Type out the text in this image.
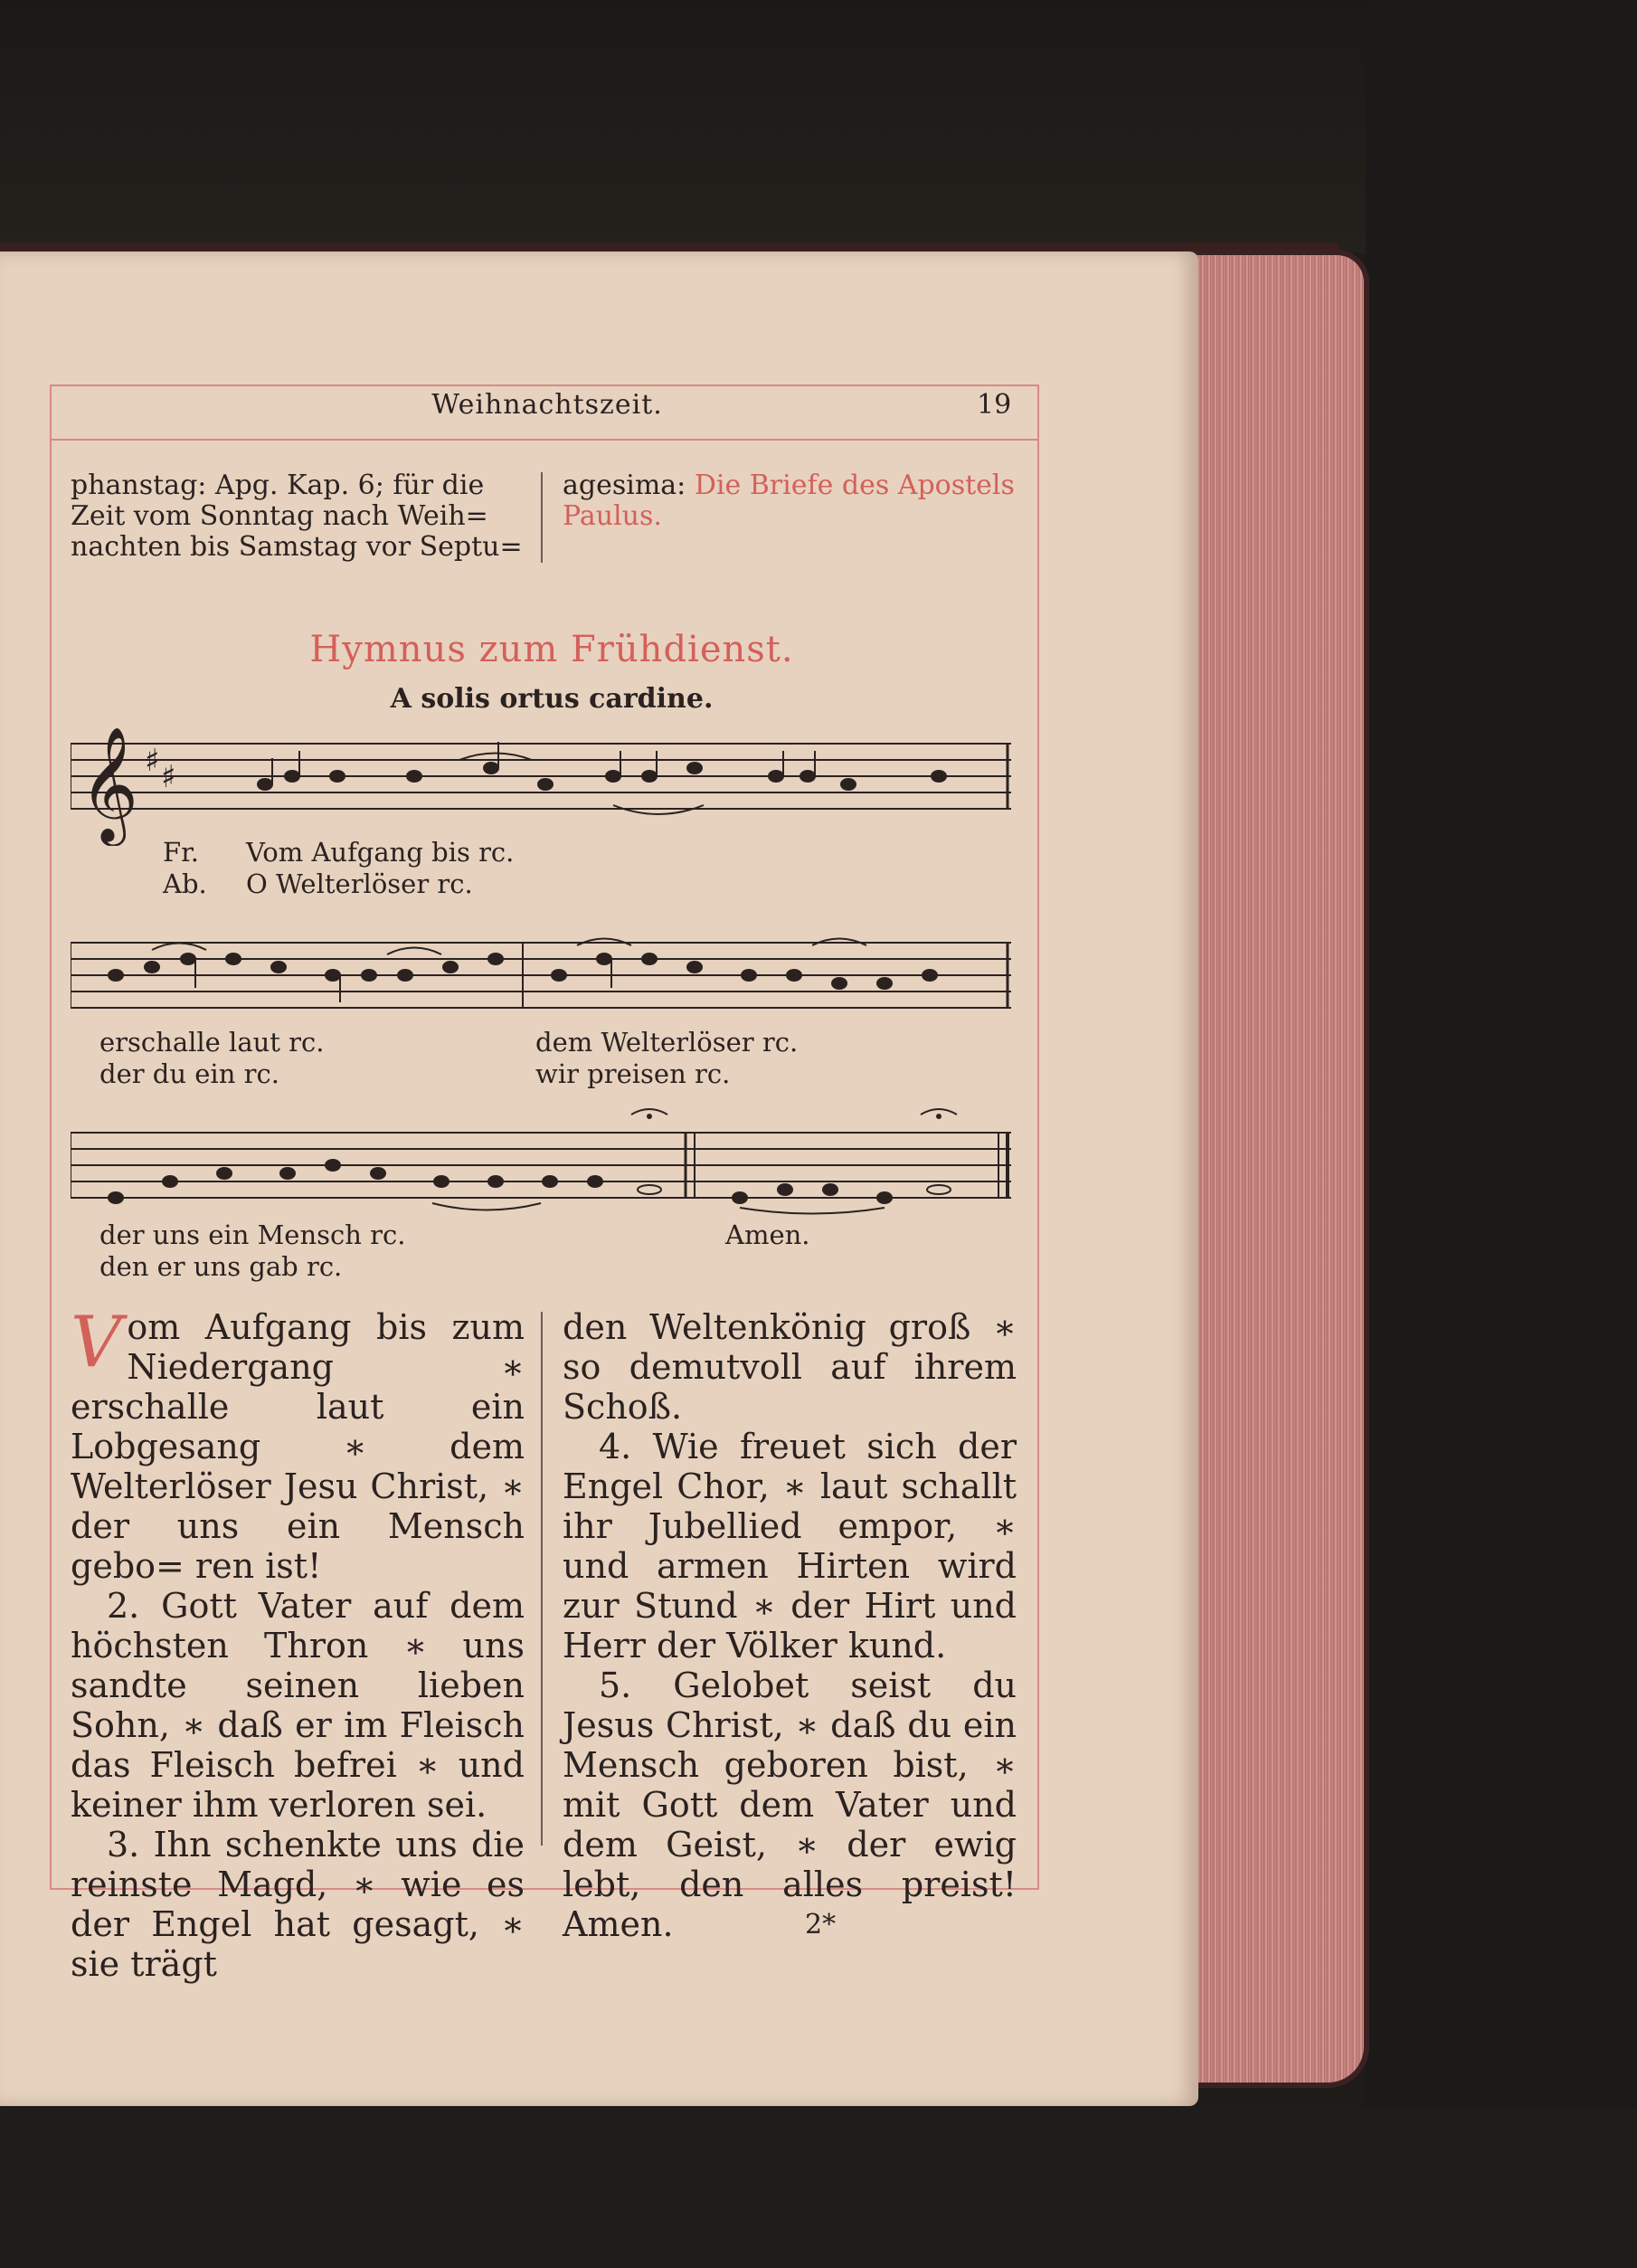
Weihnachtszeit.	19
phanstag: Apg. Kap. 6; für die
Zeit vom Sonntag nach Weih=
nachten bis Samstag vor Septu=
agesima: Die Briefe des Apostels
Paulus.
Hymnus zum Frühdienst.
A solis ortus cardine.
𝄞 ♯ ♯
Fr.
Ab.
Vom Aufgang bis rc.
O Welterlöser rc.
erschalle laut rc.
der du ein rc.
dem Welterlöser rc.
wir preisen rc.
der uns ein Mensch rc.
den er uns gab rc.
Amen.

Vom Aufgang bis zum Niedergang ∗ erschalle laut ein Lobgesang ∗ dem Welterlöser Jesu Christ, ∗ der uns ein Mensch gebo= ren ist!

2. Gott Vater auf dem höchsten Thron ∗ uns sandte seinen lieben Sohn, ∗ daß er im Fleisch das Fleisch befrei ∗ und keiner ihm verloren sei.

3. Ihn schenkte uns die reinste Magd, ∗ wie es der Engel hat gesagt, ∗ sie trägt

den Weltenkönig groß ∗ so demutvoll auf ihrem Schoß.

4. Wie freuet sich der Engel Chor, ∗ laut schallt ihr Jubellied empor, ∗ und armen Hirten wird zur Stund ∗ der Hirt und Herr der Völker kund.

5. Gelobet seist du Jesus Christ, ∗ daß du ein Mensch geboren bist, ∗ mit Gott dem Vater und dem Geist, ∗ der ewig lebt, den alles preist! Amen.	2*
